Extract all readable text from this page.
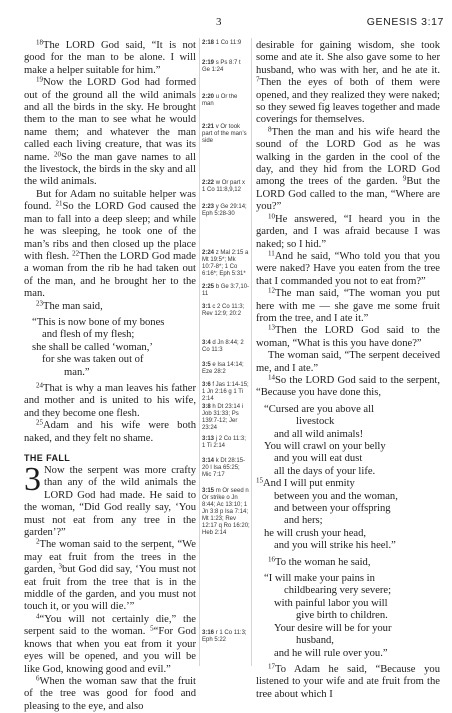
3	GENESIS 3:17

$^{18}$The LORD God said, “It is not good for the man to be alone. I will make a helper suitable for him.”

$^{19}$Now the LORD God had formed out of the ground all the wild animals and all the birds in the sky. He brought them to the man to see what he would name them; and whatever the man called each living creature, that was its name. $^{20}$So the man gave names to all the livestock, the birds in the sky and all the wild animals.

But for Adam no suitable helper was found. $^{21}$So the LORD God caused the man to fall into a deep sleep; and while he was sleeping, he took one of the man’s ribs and then closed up the place with flesh. $^{22}$Then the LORD God made a woman from the rib he had taken out of the man, and he brought her to the man.

$^{23}$The man said,

“This is now bone of my bones
and flesh of my flesh;
she shall be called ‘woman,’
for she was taken out of
man.”

$^{24}$That is why a man leaves his father and mother and is united to his wife, and they become one flesh.

$^{25}$Adam and his wife were both naked, and they felt no shame.

THE FALL

3 Now the serpent was more crafty than any of the wild animals the LORD God had made. He said to the woman, “Did God really say, ‘You must not eat from any tree in the garden’?”

$^2$The woman said to the serpent, “We may eat fruit from the trees in the garden, $^3$but God did say, ‘You must not eat fruit from the tree that is in the middle of the garden, and you must not touch it, or you will die.’”

$^4$“You will not certainly die,” the serpent said to the woman. $^5$“For God knows that when you eat from it your eyes will be opened, and you will be like God, knowing good and evil.”

$^6$When the woman saw that the fruit of the tree was good for food and pleasing to the eye, and also

2:18 1 Co 11:9
2:19 s Ps 8:7 t Ge 1:24
2:20 u Or the man
2:21 v Or took part of the man’s side
2:22 w Or part x 1 Co 11:8,9,12
2:23 y Ge 29:14; Eph 5:28-30
2:24 z Mal 2:15 a Mt 19:5*; Mk 10:7-8*; 1 Co 6:16*; Eph 5:31*
2:25 b Ge 3:7,10-11
3:1 c 2 Co 11:3; Rev 12:9; 20:2
3:4 d Jn 8:44; 2 Co 11:3
3:5 e Isa 14:14; Eze 28:2
3:6 f Jas 1:14-15; 1 Jn 2:16 g 1 Ti 2:14
3:8 h Dt 23:14 i Job 31:33; Ps 139:7-12; Jer 23:24
3:13 j 2 Co 11:3; 1 Ti 2:14
3:14 k Dt 28:15-20 l Isa 65:25; Mic 7:17
3:15 m Or seed n Or strike o Jn 8:44; Ac 13:10; 1 Jn 3:8 p Isa 7:14; Mt 1:23; Rev 12:17 q Ro 16:20; Heb 2:14
3:16 r 1 Co 11:3; Eph 5:22

desirable for gaining wisdom, she took some and ate it. She also gave some to her husband, who was with her, and he ate it. $^7$Then the eyes of both of them were opened, and they realized they were naked; so they sewed fig leaves together and made coverings for themselves.

$^8$Then the man and his wife heard the sound of the LORD God as he was walking in the garden in the cool of the day, and they hid from the LORD God among the trees of the garden. $^9$But the LORD God called to the man, “Where are you?”

$^{10}$He answered, “I heard you in the garden, and I was afraid because I was naked; so I hid.”

$^{11}$And he said, “Who told you that you were naked? Have you eaten from the tree that I commanded you not to eat from?”

$^{12}$The man said, “The woman you put here with me — she gave me some fruit from the tree, and I ate it.”

$^{13}$Then the LORD God said to the woman, “What is this you have done?”

The woman said, “The serpent deceived me, and I ate.”

$^{14}$So the LORD God said to the serpent, “Because you have done this,

“Cursed are you above all
livestock
and all wild animals!
You will crawl on your belly
and you will eat dust
all the days of your life.
$^{15}$And I will put enmity
between you and the woman,
and between your offspring
and hers;
he will crush your head,
and you will strike his heel.”

$^{16}$To the woman he said,

“I will make your pains in
childbearing very severe;
with painful labor you will
give birth to children.
Your desire will be for your
husband,
and he will rule over you.”

$^{17}$To Adam he said, “Because you listened to your wife and ate fruit from the tree about which I
